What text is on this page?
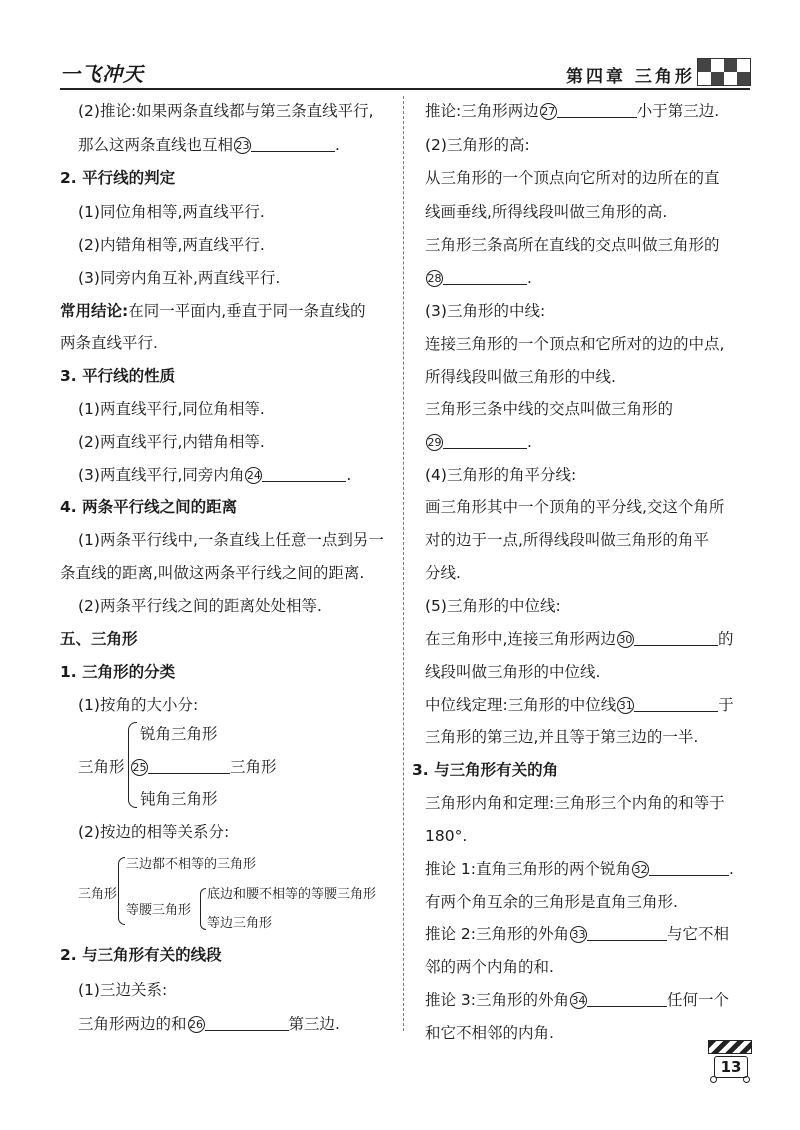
一飞冲天	第四章 三角形
(2)推论:如果两条直线都与第三条直线平行,
那么这两条直线也互相 23	.
2. 平行线的判定
(1)同位角相等,两直线平行.
(2)内错角相等,两直线平行.
(3)同旁内角互补,两直线平行.
常用结论:在同一平面内,垂直于同一条直线的
两条直线平行.
3. 平行线的性质
(1)两直线平行,同位角相等.
(2)两直线平行,内错角相等.
(3)两直线平行,同旁内角 24	.
4. 两条平行线之间的距离
(1)两条平行线中,一条直线上任意一点到另一
条直线的距离,叫做这两条平行线之间的距离.
(2)两条平行线之间的距离处处相等.
五、三角形
1. 三角形的分类
(1)按角的大小分:
三角形
锐角三角形
25	三角形
钝角三角形
(2)按边的相等关系分:
三角形
三边都不相等的三角形
等腰三角形
底边和腰不相等的等腰三角形
等边三角形
2. 与三角形有关的线段
(1)三边关系:
三角形两边的和 26	第三边.
推论:三角形两边 27	小于第三边.
(2)三角形的高:
从三角形的一个顶点向它所对的边所在的直
线画垂线,所得线段叫做三角形的高.
三角形三条高所在直线的交点叫做三角形的
28	.
(3)三角形的中线:
连接三角形的一个顶点和它所对的边的中点,
所得线段叫做三角形的中线.
三角形三条中线的交点叫做三角形的
29	.
(4)三角形的角平分线:
画三角形其中一个顶角的平分线,交这个角所
对的边于一点,所得线段叫做三角形的角平
分线.
(5)三角形的中位线:
在三角形中,连接三角形两边 30	的
线段叫做三角形的中位线.
中位线定理:三角形的中位线 31	于
三角形的第三边,并且等于第三边的一半.
3. 与三角形有关的角
三角形内角和定理:三角形三个内角的和等于
180°.
推论 1:直角三角形的两个锐角 32	.
有两个角互余的三角形是直角三角形.
推论 2:三角形的外角 33	与它不相
邻的两个内角的和.
推论 3:三角形的外角 34	任何一个
和它不相邻的内角.
13
